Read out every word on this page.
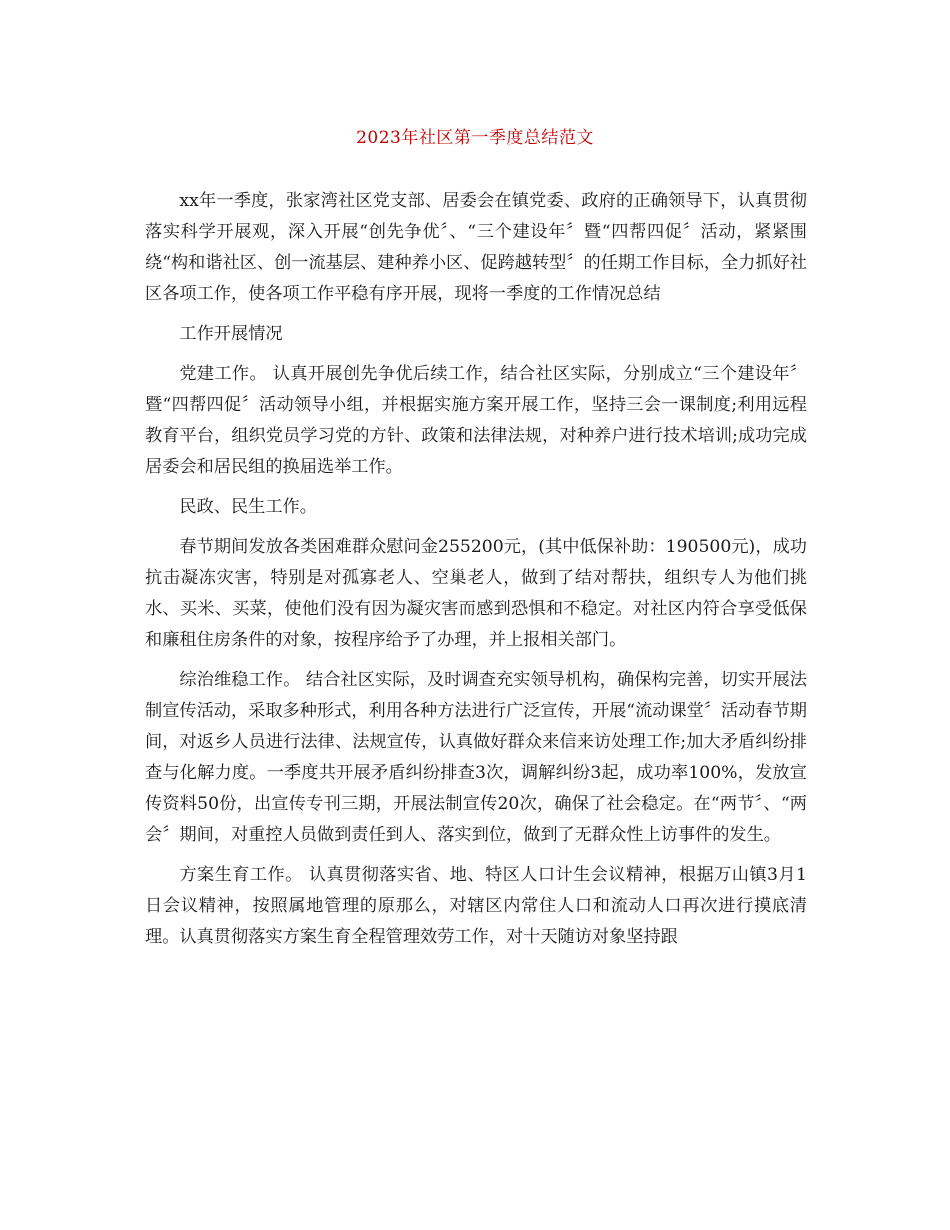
2023年社区第一季度总结范文

xx年一季度，张家湾社区党支部、居委会在镇党委、政府的正确领导下，认真贯彻落实科学开展观，深入开展“创先争优〞、“三个建设年〞暨“四帮四促〞活动，紧紧围绕“构和谐社区、创一流基层、建种养小区、促跨越转型〞的任期工作目标，全力抓好社区各项工作，使各项工作平稳有序开展，现将一季度的工作情况总结

工作开展情况

党建工作。 认真开展创先争优后续工作，结合社区实际，分别成立“三个建设年〞暨“四帮四促〞活动领导小组，并根据实施方案开展工作，坚持三会一课制度;利用远程教育平台，组织党员学习党的方针、政策和法律法规，对种养户进行技术培训;成功完成居委会和居民组的换届选举工作。

民政、民生工作。

春节期间发放各类困难群众慰问金255200元，(其中低保补助：190500元)，成功抗击凝冻灾害，特别是对孤寡老人、空巢老人，做到了结对帮扶，组织专人为他们挑水、买米、买菜，使他们没有因为凝灾害而感到恐惧和不稳定。对社区内符合享受低保和廉租住房条件的对象，按程序给予了办理，并上报相关部门。

综治维稳工作。 结合社区实际，及时调查充实领导机构，确保构完善，切实开展法制宣传活动，采取多种形式，利用各种方法进行广泛宣传，开展“流动课堂〞活动春节期间，对返乡人员进行法律、法规宣传，认真做好群众来信来访处理工作;加大矛盾纠纷排查与化解力度。一季度共开展矛盾纠纷排查3次，调解纠纷3起，成功率100%，发放宣传资料50份，出宣传专刊三期，开展法制宣传20次，确保了社会稳定。在“两节〞、“两会〞期间，对重控人员做到责任到人、落实到位，做到了无群众性上访事件的发生。

方案生育工作。 认真贯彻落实省、地、特区人口计生会议精神，根据万山镇3月1日会议精神，按照属地管理的原那么，对辖区内常住人口和流动人口再次进行摸底清理。认真贯彻落实方案生育全程管理效劳工作，对十天随访对象坚持跟
